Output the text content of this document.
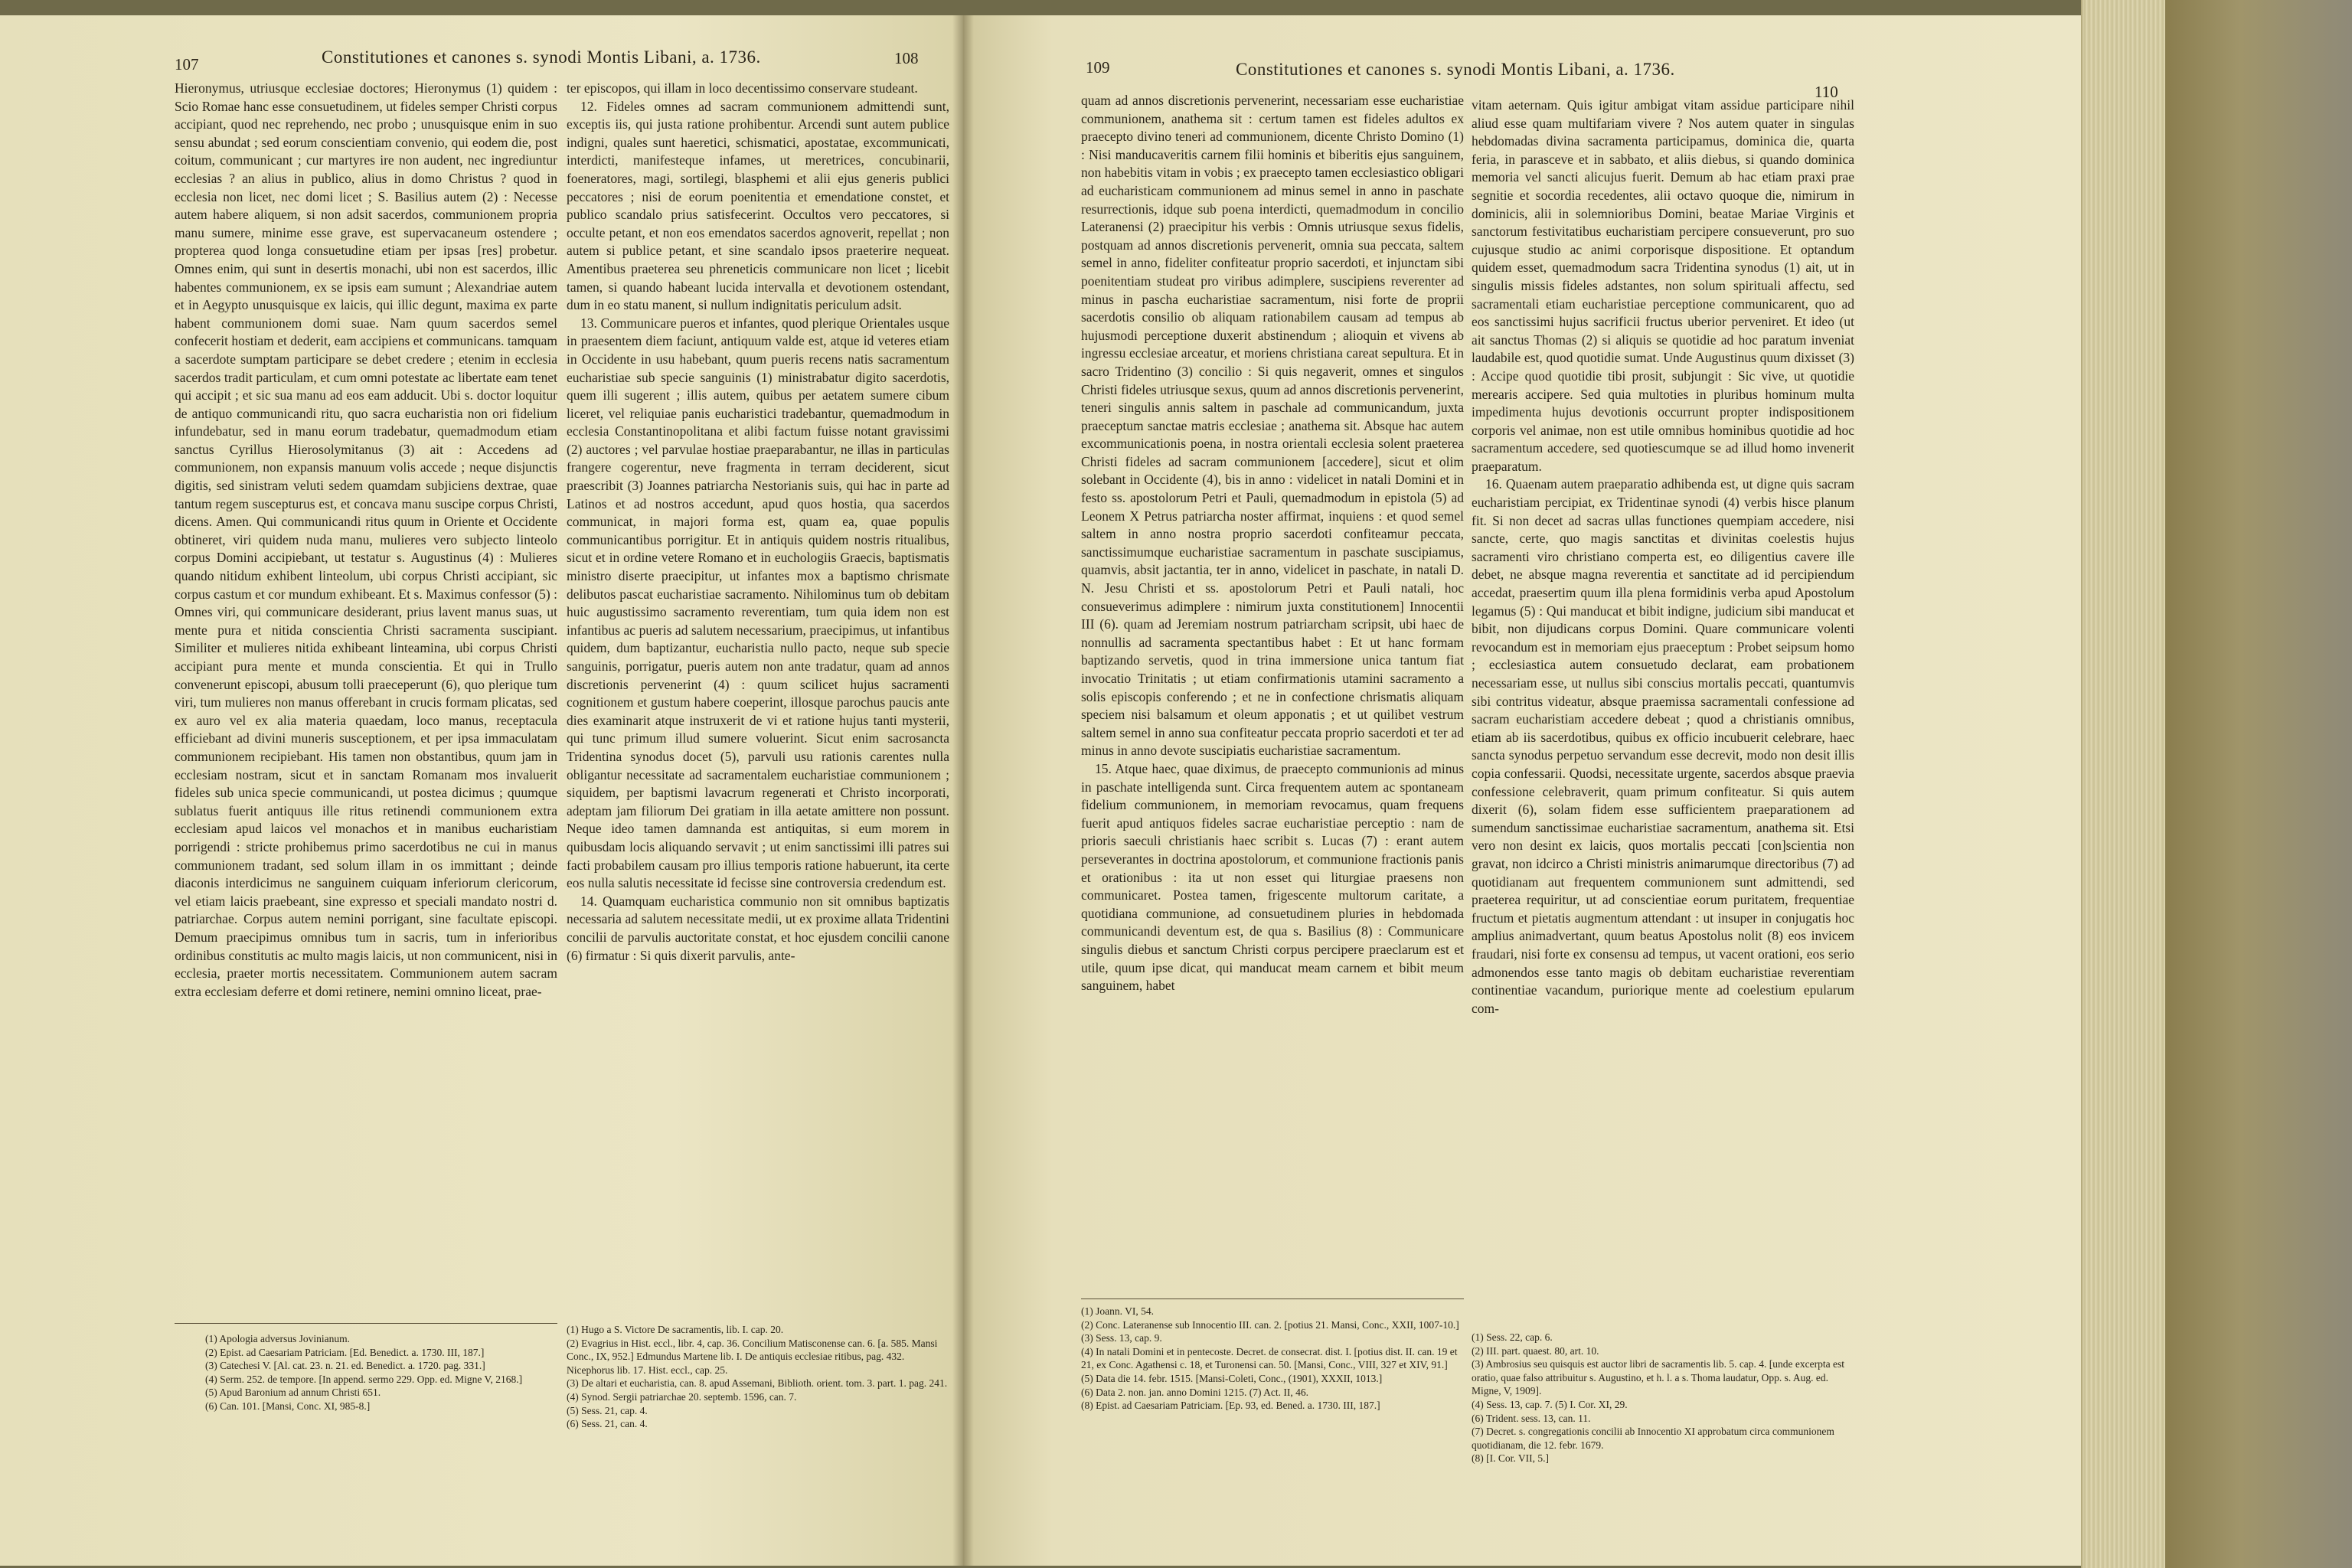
107	Constitutiones et canones s. synodi Montis Libani, a. 1736.	108

Hieronymus, utriusque ecclesiae doctores; Hieronymus (1) quidem : Scio Romae hanc esse consuetudinem, ut fideles semper Christi corpus accipiant, quod nec reprehendo, nec probo ; unusquisque enim in suo sensu abundat ; sed eorum conscientiam convenio, qui eodem die, post coitum, communicant ; cur martyres ire non audent, nec ingrediuntur ecclesias ? an alius in publico, alius in domo Christus ? quod in ecclesia non licet, nec domi licet ; S. Basilius autem (2) : Necesse autem habere aliquem, si non adsit sacerdos, communionem propria manu sumere, minime esse grave, est supervacaneum ostendere ; propterea quod longa consuetudine etiam per ipsas [res] probetur. Omnes enim, qui sunt in desertis monachi, ubi non est sacerdos, illic habentes communionem, ex se ipsis eam sumunt ; Alexandriae autem et in Aegypto unusquisque ex laicis, qui illic degunt, maxima ex parte habent communionem domi suae. Nam quum sacerdos semel confecerit hostiam et dederit, eam accipiens et communicans. tamquam a sacerdote sumptam participare se debet credere ; etenim in ecclesia sacerdos tradit particulam, et cum omni potestate ac libertate eam tenet qui accipit ; et sic sua manu ad eos eam adducit. Ubi s. doctor loquitur de antiquo communicandi ritu, quo sacra eucharistia non ori fidelium infundebatur, sed in manu eorum tradebatur, quemadmodum etiam sanctus Cyrillus Hierosolymitanus (3) ait : Accedens ad communionem, non expansis manuum volis accede ; neque disjunctis digitis, sed sinistram veluti sedem quamdam subjiciens dextrae, quae tantum regem suscepturus est, et concava manu suscipe corpus Christi, dicens. Amen. Qui communicandi ritus quum in Oriente et Occidente obtineret, viri quidem nuda manu, mulieres vero subjecto linteolo corpus Domini accipiebant, ut testatur s. Augustinus (4) : Mulieres quando nitidum exhibent linteolum, ubi corpus Christi accipiant, sic corpus castum et cor mundum exhibeant. Et s. Maximus confessor (5) : Omnes viri, qui communicare desiderant, prius lavent manus suas, ut mente pura et nitida conscientia Christi sacramenta suscipiant. Similiter et mulieres nitida exhibeant linteamina, ubi corpus Christi accipiant pura mente et munda conscientia. Et qui in Trullo convenerunt episcopi, abusum tolli praeceperunt (6), quo plerique tum viri, tum mulieres non manus offerebant in crucis formam plicatas, sed ex auro vel ex alia materia quaedam, loco manus, receptacula efficiebant ad divini muneris susceptionem, et per ipsa immaculatam communionem recipiebant. His tamen non obstantibus, quum jam in ecclesiam nostram, sicut et in sanctam Romanam mos invaluerit fideles sub unica specie communicandi, ut postea dicimus ; quumque sublatus fuerit antiquus ille ritus retinendi communionem extra ecclesiam apud laicos vel monachos et in manibus eucharistiam porrigendi : stricte prohibemus primo sacerdotibus ne cui in manus communionem tradant, sed solum illam in os immittant ; deinde diaconis interdicimus ne sanguinem cuiquam inferiorum clericorum, vel etiam laicis praebeant, sine expresso et speciali mandato nostri d. patriarchae. Corpus autem nemini porrigant, sine facultate episcopi. Demum praecipimus omnibus tum in sacris, tum in inferioribus ordinibus constitutis ac multo magis laicis, ut non communicent, nisi in ecclesia, praeter mortis necessitatem. Communionem autem sacram extra ecclesiam deferre et domi retinere, nemini omnino liceat, prae-

ter episcopos, qui illam in loco decentissimo conservare studeant.

12. Fideles omnes ad sacram communionem admittendi sunt, exceptis iis, qui justa ratione prohibentur. Arcendi sunt autem publice indigni, quales sunt haeretici, schismatici, apostatae, excommunicati, interdicti, manifesteque infames, ut meretrices, concubinarii, foeneratores, magi, sortilegi, blasphemi et alii ejus generis publici peccatores ; nisi de eorum poenitentia et emendatione constet, et publico scandalo prius satisfecerint. Occultos vero peccatores, si occulte petant, et non eos emendatos sacerdos agnoverit, repellat ; non autem si publice petant, et sine scandalo ipsos praeterire nequeat. Amentibus praeterea seu phreneticis communicare non licet ; licebit tamen, si quando habeant lucida intervalla et devotionem ostendant, dum in eo statu manent, si nullum indignitatis periculum adsit.

13. Communicare pueros et infantes, quod plerique Orientales usque in praesentem diem faciunt, antiquum valde est, atque id veteres etiam in Occidente in usu habebant, quum pueris recens natis sacramentum eucharistiae sub specie sanguinis (1) ministrabatur digito sacerdotis, quem illi sugerent ; illis autem, quibus per aetatem sumere cibum liceret, vel reliquiae panis eucharistici tradebantur, quemadmodum in ecclesia Constantinopolitana et alibi factum fuisse notant gravissimi (2) auctores ; vel parvulae hostiae praeparabantur, ne illas in particulas frangere cogerentur, neve fragmenta in terram deciderent, sicut praescribit (3) Joannes patriarcha Nestorianis suis, qui hac in parte ad Latinos et ad nostros accedunt, apud quos hostia, qua sacerdos communicat, in majori forma est, quam ea, quae populis communicantibus porrigitur. Et in antiquis quidem nostris ritualibus, sicut et in ordine vetere Romano et in euchologiis Graecis, baptismatis ministro diserte praecipitur, ut infantes mox a baptismo chrismate delibutos pascat eucharistiae sacramento. Nihilominus tum ob debitam huic augustissimo sacramento reverentiam, tum quia idem non est infantibus ac pueris ad salutem necessarium, praecipimus, ut infantibus quidem, dum baptizantur, eucharistia nullo pacto, neque sub specie sanguinis, porrigatur, pueris autem non ante tradatur, quam ad annos discretionis pervenerint (4) : quum scilicet hujus sacramenti cognitionem et gustum habere coeperint, illosque parochus paucis ante dies examinarit atque instruxerit de vi et ratione hujus tanti mysterii, qui tunc primum illud sumere voluerint. Sicut enim sacrosancta Tridentina synodus docet (5), parvuli usu rationis carentes nulla obligantur necessitate ad sacramentalem eucharistiae communionem ; siquidem, per baptismi lavacrum regenerati et Christo incorporati, adeptam jam filiorum Dei gratiam in illa aetate amittere non possunt. Neque ideo tamen damnanda est antiquitas, si eum morem in quibusdam locis aliquando servavit ; ut enim sanctissimi illi patres sui facti probabilem causam pro illius temporis ratione habuerunt, ita certe eos nulla salutis necessitate id fecisse sine controversia credendum est.

14. Quamquam eucharistica communio non sit omnibus baptizatis necessaria ad salutem necessitate medii, ut ex proxime allata Tridentini concilii de parvulis auctoritate constat, et hoc ejusdem concilii canone (6) firmatur : Si quis dixerit parvulis, ante-

(1) Apologia adversus Jovinianum.
(2) Epist. ad Caesariam Patriciam. [Ed. Benedict. a. 1730. III, 187.]
(3) Catechesi V. [Al. cat. 23. n. 21. ed. Benedict. a. 1720. pag. 331.]
(4) Serm. 252. de tempore. [In append. sermo 229. Opp. ed. Migne V, 2168.]
(5) Apud Baronium ad annum Christi 651.
(6) Can. 101. [Mansi, Conc. XI, 985-8.]
(1) Hugo a S. Victore De sacramentis, lib. I. cap. 20.
(2) Evagrius in Hist. eccl., libr. 4, cap. 36. Concilium Matisconense can. 6. [a. 585. Mansi Conc., IX, 952.] Edmundus Martene lib. I. De antiquis ecclesiae ritibus, pag. 432. Nicephorus lib. 17. Hist. eccl., cap. 25.
(3) De altari et eucharistia, can. 8. apud Assemani, Biblioth. orient. tom. 3. part. 1. pag. 241.
(4) Synod. Sergii patriarchae 20. septemb. 1596, can. 7.
(5) Sess. 21, cap. 4.
(6) Sess. 21, can. 4.
109	Constitutiones et canones s. synodi Montis Libani, a. 1736.
110

quam ad annos discretionis pervenerint, necessariam esse eucharistiae communionem, anathema sit : certum tamen est fideles adultos ex praecepto divino teneri ad communionem, dicente Christo Domino (1) : Nisi manducaveritis carnem filii hominis et biberitis ejus sanguinem, non habebitis vitam in vobis ; ex praecepto tamen ecclesiastico obligari ad eucharisticam communionem ad minus semel in anno in paschate resurrectionis, idque sub poena interdicti, quemadmodum in concilio Lateranensi (2) praecipitur his verbis : Omnis utriusque sexus fidelis, postquam ad annos discretionis pervenerit, omnia sua peccata, saltem semel in anno, fideliter confiteatur proprio sacerdoti, et injunctam sibi poenitentiam studeat pro viribus adimplere, suscipiens reverenter ad minus in pascha eucharistiae sacramentum, nisi forte de proprii sacerdotis consilio ob aliquam rationabilem causam ad tempus ab hujusmodi perceptione duxerit abstinendum ; alioquin et vivens ab ingressu ecclesiae arceatur, et moriens christiana careat sepultura. Et in sacro Tridentino (3) concilio : Si quis negaverit, omnes et singulos Christi fideles utriusque sexus, quum ad annos discretionis pervenerint, teneri singulis annis saltem in paschale ad communicandum, juxta praeceptum sanctae matris ecclesiae ; anathema sit. Absque hac autem excommunicationis poena, in nostra orientali ecclesia solent praeterea Christi fideles ad sacram communionem [accedere], sicut et olim solebant in Occidente (4), bis in anno : videlicet in natali Domini et in festo ss. apostolorum Petri et Pauli, quemadmodum in epistola (5) ad Leonem X Petrus patriarcha noster affirmat, inquiens : et quod semel saltem in anno nostra proprio sacerdoti confiteamur peccata, sanctissimumque eucharistiae sacramentum in paschate suscipiamus, quamvis, absit jactantia, ter in anno, videlicet in paschate, in natali D. N. Jesu Christi et ss. apostolorum Petri et Pauli natali, hoc consueverimus adimplere : nimirum juxta constitutionem] Innocentii III (6). quam ad Jeremiam nostrum patriarcham scripsit, ubi haec de nonnullis ad sacramenta spectantibus habet : Et ut hanc formam baptizando servetis, quod in trina immersione unica tantum fiat invocatio Trinitatis ; ut etiam confirmationis utamini sacramento a solis episcopis conferendo ; et ne in confectione chrismatis aliquam speciem nisi balsamum et oleum apponatis ; et ut quilibet vestrum saltem semel in anno sua confiteatur peccata proprio sacerdoti et ter ad minus in anno devote suscipiatis eucharistiae sacramentum.

15. Atque haec, quae diximus, de praecepto communionis ad minus in paschate intelligenda sunt. Circa frequentem autem ac spontaneam fidelium communionem, in memoriam revocamus, quam frequens fuerit apud antiquos fideles sacrae eucharistiae perceptio : nam de prioris saeculi christianis haec scribit s. Lucas (7) : erant autem perseverantes in doctrina apostolorum, et communione fractionis panis et orationibus : ita ut non esset qui liturgiae praesens non communicaret. Postea tamen, frigescente multorum caritate, a quotidiana communione, ad consuetudinem pluries in hebdomada communicandi deventum est, de qua s. Basilius (8) : Communicare singulis diebus et sanctum Christi corpus percipere praeclarum est et utile, quum ipse dicat, qui manducat meam carnem et bibit meum sanguinem, habet

vitam aeternam. Quis igitur ambigat vitam assidue participare nihil aliud esse quam multifariam vivere ? Nos autem quater in singulas hebdomadas divina sacramenta participamus, dominica die, quarta feria, in parasceve et in sabbato, et aliis diebus, si quando dominica memoria vel sancti alicujus fuerit. Demum ab hac etiam praxi prae segnitie et socordia recedentes, alii octavo quoque die, nimirum in dominicis, alii in solemnioribus Domini, beatae Mariae Virginis et sanctorum festivitatibus eucharistiam percipere consueverunt, pro suo cujusque studio ac animi corporisque dispositione. Et optandum quidem esset, quemadmodum sacra Tridentina synodus (1) ait, ut in singulis missis fideles adstantes, non solum spirituali affectu, sed sacramentali etiam eucharistiae perceptione communicarent, quo ad eos sanctissimi hujus sacrificii fructus uberior perveniret. Et ideo (ut ait sanctus Thomas (2) si aliquis se quotidie ad hoc paratum inveniat laudabile est, quod quotidie sumat. Unde Augustinus quum dixisset (3) : Accipe quod quotidie tibi prosit, subjungit : Sic vive, ut quotidie merearis accipere. Sed quia multoties in pluribus hominum multa impedimenta hujus devotionis occurrunt propter indispositionem corporis vel animae, non est utile omnibus hominibus quotidie ad hoc sacramentum accedere, sed quotiescumque se ad illud homo invenerit praeparatum.

16. Quaenam autem praeparatio adhibenda est, ut digne quis sacram eucharistiam percipiat, ex Tridentinae synodi (4) verbis hisce planum fit. Si non decet ad sacras ullas functiones quempiam accedere, nisi sancte, certe, quo magis sanctitas et divinitas coelestis hujus sacramenti viro christiano comperta est, eo diligentius cavere ille debet, ne absque magna reverentia et sanctitate ad id percipiendum accedat, praesertim quum illa plena formidinis verba apud Apostolum legamus (5) : Qui manducat et bibit indigne, judicium sibi manducat et bibit, non dijudicans corpus Domini. Quare communicare volenti revocandum est in memoriam ejus praeceptum : Probet seipsum homo ; ecclesiastica autem consuetudo declarat, eam probationem necessariam esse, ut nullus sibi conscius mortalis peccati, quantumvis sibi contritus videatur, absque praemissa sacramentali confessione ad sacram eucharistiam accedere debeat ; quod a christianis omnibus, etiam ab iis sacerdotibus, quibus ex officio incubuerit celebrare, haec sancta synodus perpetuo servandum esse decrevit, modo non desit illis copia confessarii. Quodsi, necessitate urgente, sacerdos absque praevia confessione celebraverit, quam primum confiteatur. Si quis autem dixerit (6), solam fidem esse sufficientem praeparationem ad sumendum sanctissimae eucharistiae sacramentum, anathema sit. Etsi vero non desint ex laicis, quos mortalis peccati [con]scientia non gravat, non idcirco a Christi ministris animarumque directoribus (7) ad quotidianam aut frequentem communionem sunt admittendi, sed praeterea requiritur, ut ad conscientiae eorum puritatem, frequentiae fructum et pietatis augmentum attendant : ut insuper in conjugatis hoc amplius animadvertant, quum beatus Apostolus nolit (8) eos invicem fraudari, nisi forte ex consensu ad tempus, ut vacent orationi, eos serio admonendos esse tanto magis ob debitam eucharistiae reverentiam continentiae vacandum, puriorique mente ad coelestium epularum com-

(1) Joann. VI, 54.
(2) Conc. Lateranense sub Innocentio III. can. 2. [potius 21. Mansi, Conc., XXII, 1007-10.]
(3) Sess. 13, cap. 9.
(4) In natali Domini et in pentecoste. Decret. de consecrat. dist. I. [potius dist. II. can. 19 et 21, ex Conc. Agathensi c. 18, et Turonensi can. 50. [Mansi, Conc., VIII, 327 et XIV, 91.]
(5) Data die 14. febr. 1515. [Mansi-Coleti, Conc., (1901), XXXII, 1013.]
(6) Data 2. non. jan. anno Domini 1215. (7) Act. II, 46.
(8) Epist. ad Caesariam Patriciam. [Ep. 93, ed. Bened. a. 1730. III, 187.]
(1) Sess. 22, cap. 6.
(2) III. part. quaest. 80, art. 10.
(3) Ambrosius seu quisquis est auctor libri de sacramentis lib. 5. cap. 4. [unde excerpta est oratio, quae falso attribuitur s. Augustino, et h. l. a s. Thoma laudatur, Opp. s. Aug. ed. Migne, V, 1909].
(4) Sess. 13, cap. 7. (5) I. Cor. XI, 29.
(6) Trident. sess. 13, can. 11.
(7) Decret. s. congregationis concilii ab Innocentio XI approbatum circa communionem quotidianam, die 12. febr. 1679.
(8) [I. Cor. VII, 5.]
